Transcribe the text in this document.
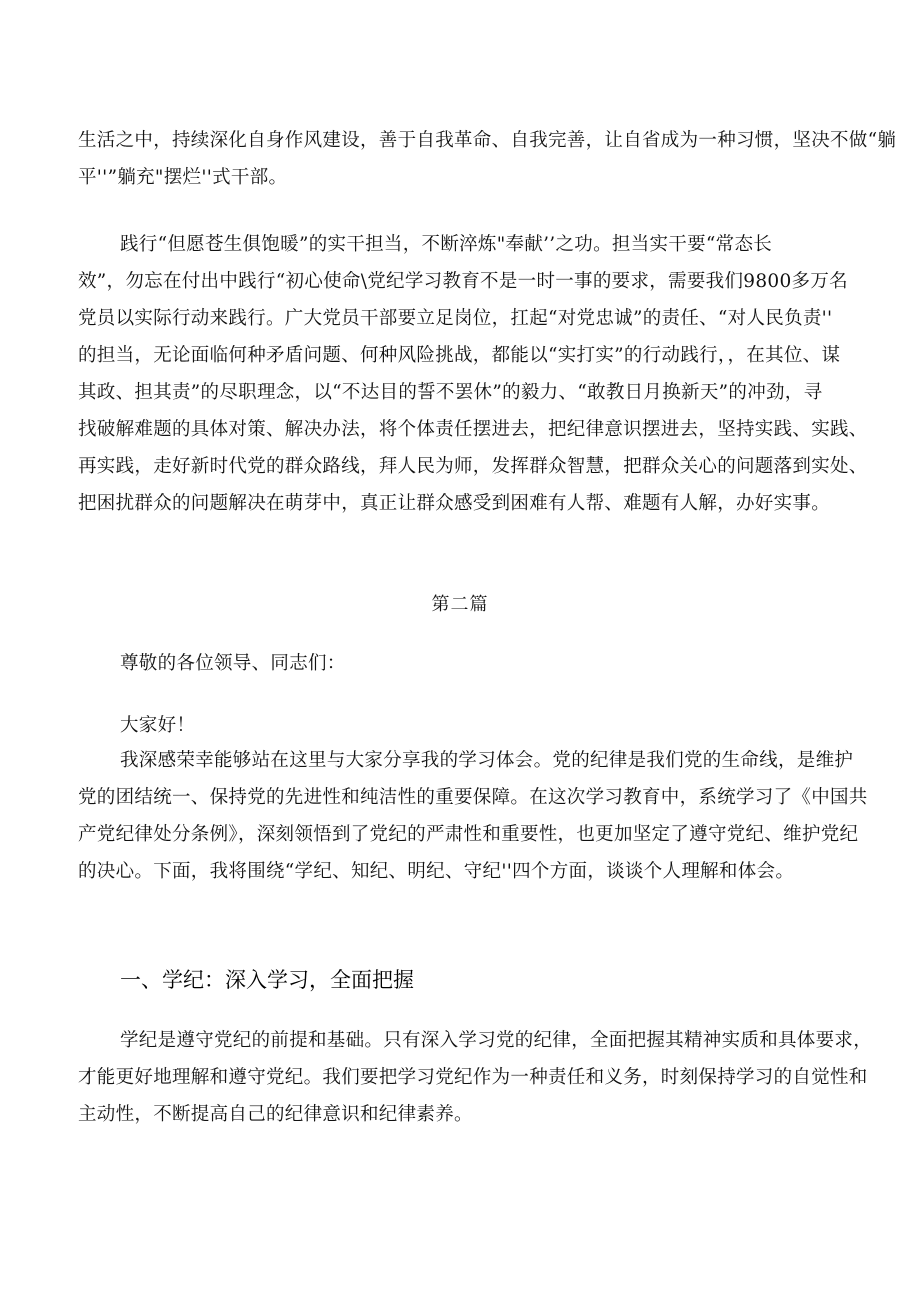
生活之中，持续深化自身作风建设，善于自我革命、自我完善，让自省成为一种习惯，坚决不做“躺
平''”躺充"摆烂''式干部。
践行“但愿苍生俱饱暖”的实干担当，不断淬炼"奉献’’之功。担当实干要“常态长
效”，勿忘在付出中践行“初心使命\党纪学习教育不是一时一事的要求，需要我们9800多万名
党员以实际行动来践行。广大党员干部要立足岗位，扛起“对党忠诚”的责任、“对人民负责''
的担当，无论面临何种矛盾问题、何种风险挑战，都能以“实打实”的行动践行，，在其位、谋
其政、担其责”的尽职理念，以“不达目的誓不罢休”的毅力、“敢教日月换新天”的冲劲，寻
找破解难题的具体对策、解决办法，将个体责任摆进去，把纪律意识摆进去，坚持实践、实践、
再实践，走好新时代党的群众路线，拜人民为师，发挥群众智慧，把群众关心的问题落到实处、
把困扰群众的问题解决在萌芽中，真正让群众感受到困难有人帮、难题有人解，办好实事。
第二篇
尊敬的各位领导、同志们：
大家好！
我深感荣幸能够站在这里与大家分享我的学习体会。党的纪律是我们党的生命线，是维护
党的团结统一、保持党的先进性和纯洁性的重要保障。在这次学习教育中，系统学习了《中国共
产党纪律处分条例》，深刻领悟到了党纪的严肃性和重要性，也更加坚定了遵守党纪、维护党纪
的决心。下面，我将围绕“学纪、知纪、明纪、守纪''四个方面，谈谈个人理解和体会。
一、学纪：深入学习，全面把握
学纪是遵守党纪的前提和基础。只有深入学习党的纪律，全面把握其精神实质和具体要求，
才能更好地理解和遵守党纪。我们要把学习党纪作为一种责任和义务，时刻保持学习的自觉性和
主动性，不断提高自己的纪律意识和纪律素养。
